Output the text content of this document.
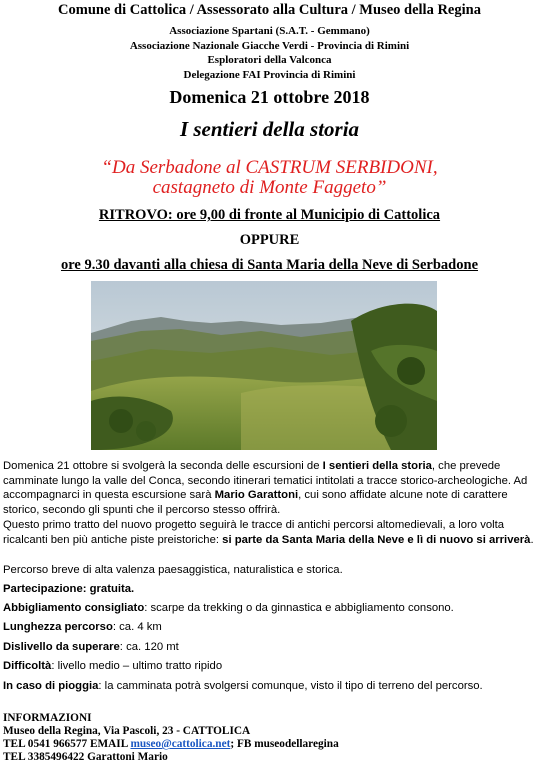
Comune di Cattolica / Assessorato alla Cultura / Museo della Regina
Associazione Spartani (S.A.T. - Gemmano)
Associazione Nazionale Giacche Verdi - Provincia di Rimini
Esploratori della Valconca
Delegazione FAI Provincia di Rimini
Domenica 21 ottobre 2018
I sentieri della storia
“Da Serbadone al CASTRUM SERBIDONI,
castagneto di Monte Faggeto”
RITROVO: ore 9,00 di fronte al Municipio di Cattolica
OPPURE
ore 9.30 davanti alla chiesa di Santa Maria della Neve di Serbadone
Domenica 21 ottobre si svolgerà la seconda delle escursioni de I sentieri della storia, che prevede camminate lungo la valle del Conca, secondo itinerari tematici intitolati a tracce storico-archeologiche. Ad accompagnarci in questa escursione sarà Mario Garattoni, cui sono affidate alcune note di carattere storico, secondo gli spunti che il percorso stesso offrirà.
Questo primo tratto del nuovo progetto seguirà le tracce di antichi percorsi altomedievali, a loro volta ricalcanti ben più antiche piste preistoriche: si parte da Santa Maria della Neve e lì di nuovo si arriverà.
Percorso breve di alta valenza paesaggistica, naturalistica e storica.
Partecipazione: gratuita.
Abbigliamento consigliato: scarpe da trekking o da ginnastica e abbigliamento consono.
Lunghezza percorso: ca. 4 km
Dislivello da superare: ca. 120 mt
Difficoltà: livello medio – ultimo tratto ripido
In caso di pioggia: la camminata potrà svolgersi comunque, visto il tipo di terreno del percorso.
INFORMAZIONI
Museo della Regina, Via Pascoli, 23 - CATTOLICA
TEL 0541 966577 EMAIL museo@cattolica.net; FB museodellaregina
TEL 3385496422 Garattoni Mario
